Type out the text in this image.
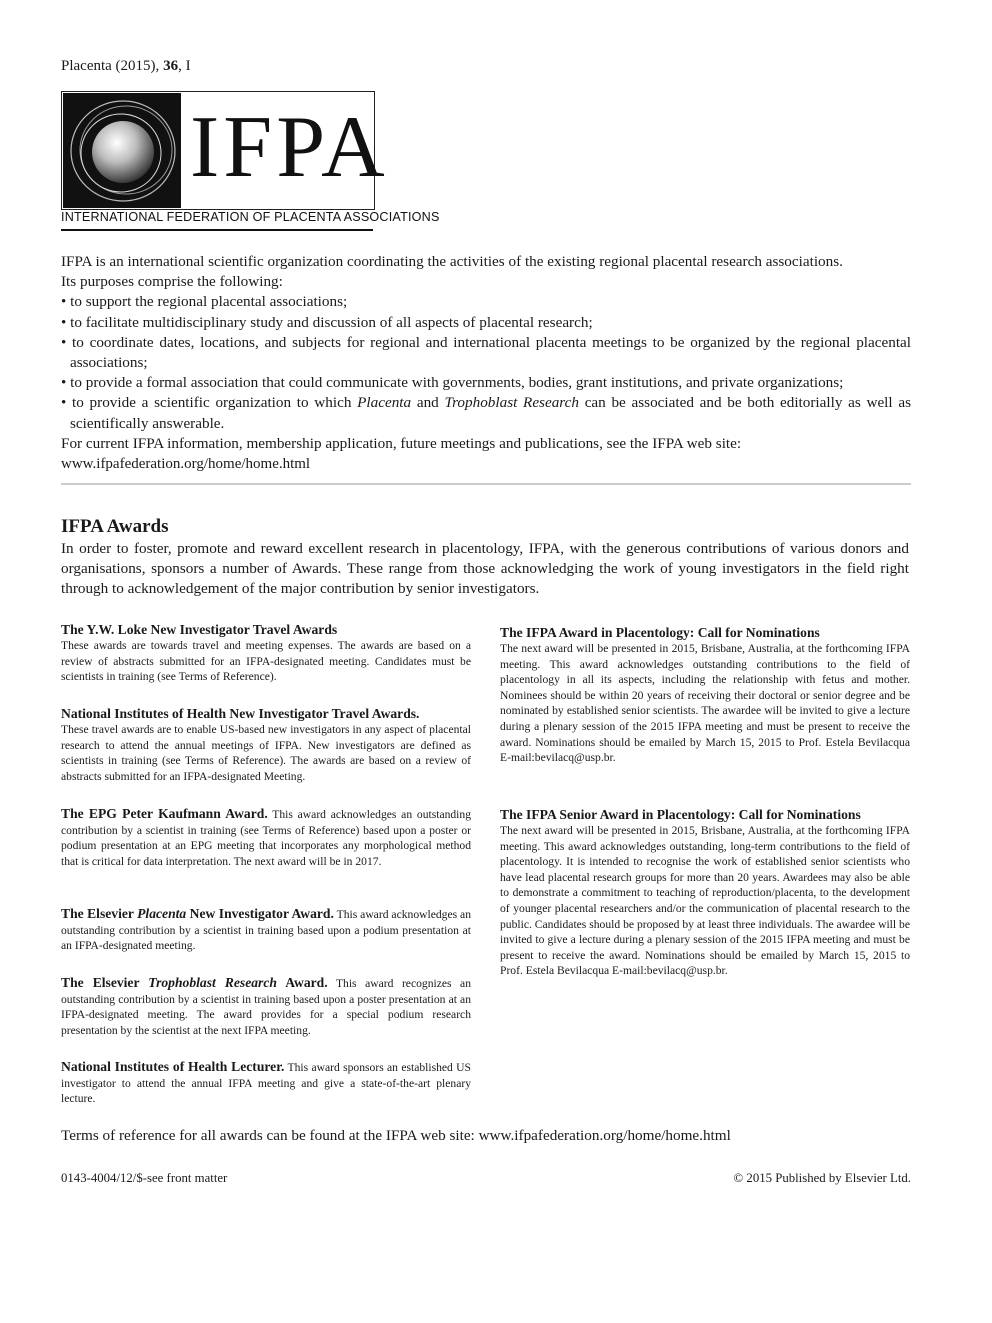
Placenta (2015), 36, I
IFPA
INTERNATIONAL FEDERATION OF PLACENTA ASSOCIATIONS

IFPA is an international scientific organization coordinating the activities of the existing regional placental research associations.

Its purposes comprise the following:

• to support the regional placental associations;
• to facilitate multidisciplinary study and discussion of all aspects of placental research;
• to coordinate dates, locations, and subjects for regional and international placenta meetings to be organized by the regional placental associations;
• to provide a formal association that could communicate with governments, bodies, grant institutions, and private organizations;
• to provide a scientific organization to which Placenta and Trophoblast Research can be associated and be both editorially as well as scientifically answerable.

For current IFPA information, membership application, future meetings and publications, see the IFPA web site:

www.ifpafederation.org/home/home.html

IFPA Awards

In order to foster, promote and reward excellent research in placentology, IFPA, with the generous contributions of various donors and organisations, sponsors a number of Awards. These range from those acknowledging the work of young investigators in the field right through to acknowledgement of the major contribution by senior investigators.

The Y.W. Loke New Investigator Travel Awards
These awards are towards travel and meeting expenses. The awards are based on a review of abstracts submitted for an IFPA-designated meeting. Candidates must be scientists in training (see Terms of Reference).
National Institutes of Health New Investigator Travel Awards.
These travel awards are to enable US-based new investigators in any aspect of placental research to attend the annual meetings of IFPA. New investigators are defined as scientists in training (see Terms of Reference). The awards are based on a review of abstracts submitted for an IFPA-designated Meeting.
The EPG Peter Kaufmann Award. This award acknowledges an outstanding contribution by a scientist in training (see Terms of Reference) based upon a poster or podium presentation at an EPG meeting that incorporates any morphological method that is critical for data interpretation. The next award will be in 2017.
The Elsevier Placenta New Investigator Award. This award acknowledges an outstanding contribution by a scientist in training based upon a podium presentation at an IFPA-designated meeting.
The Elsevier Trophoblast Research Award. This award recognizes an outstanding contribution by a scientist in training based upon a poster presentation at an IFPA-designated meeting. The award provides for a special podium research presentation by the scientist at the next IFPA meeting.
National Institutes of Health Lecturer. This award sponsors an established US investigator to attend the annual IFPA meeting and give a state-of-the-art plenary lecture.
The IFPA Award in Placentology: Call for Nominations
The next award will be presented in 2015, Brisbane, Australia, at the forthcoming IFPA meeting. This award acknowledges outstanding contributions to the field of placentology in all its aspects, including the relationship with fetus and mother. Nominees should be within 20 years of receiving their doctoral or senior degree and be nominated by established senior scientists. The awardee will be invited to give a lecture during a plenary session of the 2015 IFPA meeting and must be present to receive the award. Nominations should be emailed by March 15, 2015 to Prof. Estela Bevilacqua E-mail:bevilacq@usp.br.
The IFPA Senior Award in Placentology: Call for Nominations
The next award will be presented in 2015, Brisbane, Australia, at the forthcoming IFPA meeting. This award acknowledges outstanding, long-term contributions to the field of placentology. It is intended to recognise the work of established senior scientists who have lead placental research groups for more than 20 years. Awardees may also be able to demonstrate a commitment to teaching of reproduction/placenta, to the development of younger placental researchers and/or the communication of placental research to the public. Candidates should be proposed by at least three individuals. The awardee will be invited to give a lecture during a plenary session of the 2015 IFPA meeting and must be present to receive the award. Nominations should be emailed by March 15, 2015 to Prof. Estela Bevilacqua E-mail:bevilacq@usp.br.
Terms of reference for all awards can be found at the IFPA web site: www.ifpafederation.org/home/home.html
0143-4004/12/$-see front matter	© 2015 Published by Elsevier Ltd.
